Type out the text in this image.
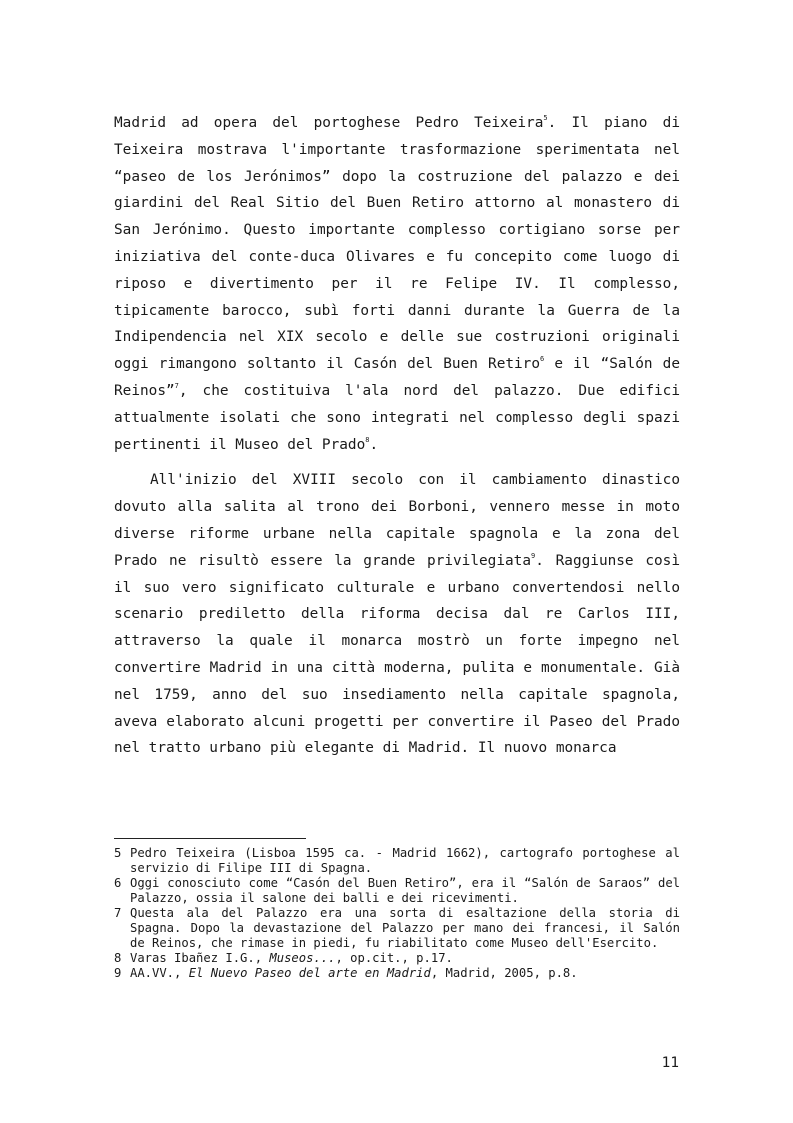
Madrid ad opera del portoghese Pedro Teixeira$^5$. Il piano di Teixeira mostrava l'importante trasformazione sperimentata nel “paseo de los Jerónimos” dopo la costruzione del palazzo e dei giardini del Real Sitio del Buen Retiro attorno al monastero di San Jerónimo. Questo importante complesso cortigiano sorse per iniziativa del conte-duca Olivares e fu concepito come luogo di riposo e divertimento per il re Felipe IV. Il complesso, tipicamente barocco, subì forti danni durante la Guerra de la Indipendencia nel XIX secolo e delle sue costruzioni originali oggi rimangono soltanto il Casón del Buen Retiro$^6$ e il “Salón de Reinos”$^7$, che costituiva l'ala nord del palazzo. Due edifici attualmente isolati che sono integrati nel complesso degli spazi pertinenti il Museo del Prado$^8$.

All'inizio del XVIII secolo con il cambiamento dinastico dovuto alla salita al trono dei Borboni, vennero messe in moto diverse riforme urbane nella capitale spagnola e la zona del Prado ne risultò essere la grande privilegiata$^9$. Raggiunse così il suo vero significato culturale e urbano convertendosi nello scenario prediletto della riforma decisa dal re Carlos III, attraverso la quale il monarca mostrò un forte impegno nel convertire Madrid in una città moderna, pulita e monumentale. Già nel 1759, anno del suo insediamento nella capitale spagnola, aveva elaborato alcuni progetti per convertire il Paseo del Prado nel tratto urbano più elegante di Madrid. Il nuovo monarca

5 Pedro Teixeira (Lisboa 1595 ca. - Madrid 1662), cartografo portoghese al servizio di Filipe III di Spagna.

6 Oggi conosciuto come “Casón del Buen Retiro”, era il “Salón de Saraos” del Palazzo, ossia il salone dei balli e dei ricevimenti.

7 Questa ala del Palazzo era una sorta di esaltazione della storia di Spagna. Dopo la devastazione del Palazzo per mano dei francesi, il Salón de Reinos, che rimase in piedi, fu riabilitato come Museo dell'Esercito.

8 Varas Ibañez I.G., Museos..., op.cit., p.17.

9 AA.VV., El Nuevo Paseo del arte en Madrid, Madrid, 2005, p.8.

11
